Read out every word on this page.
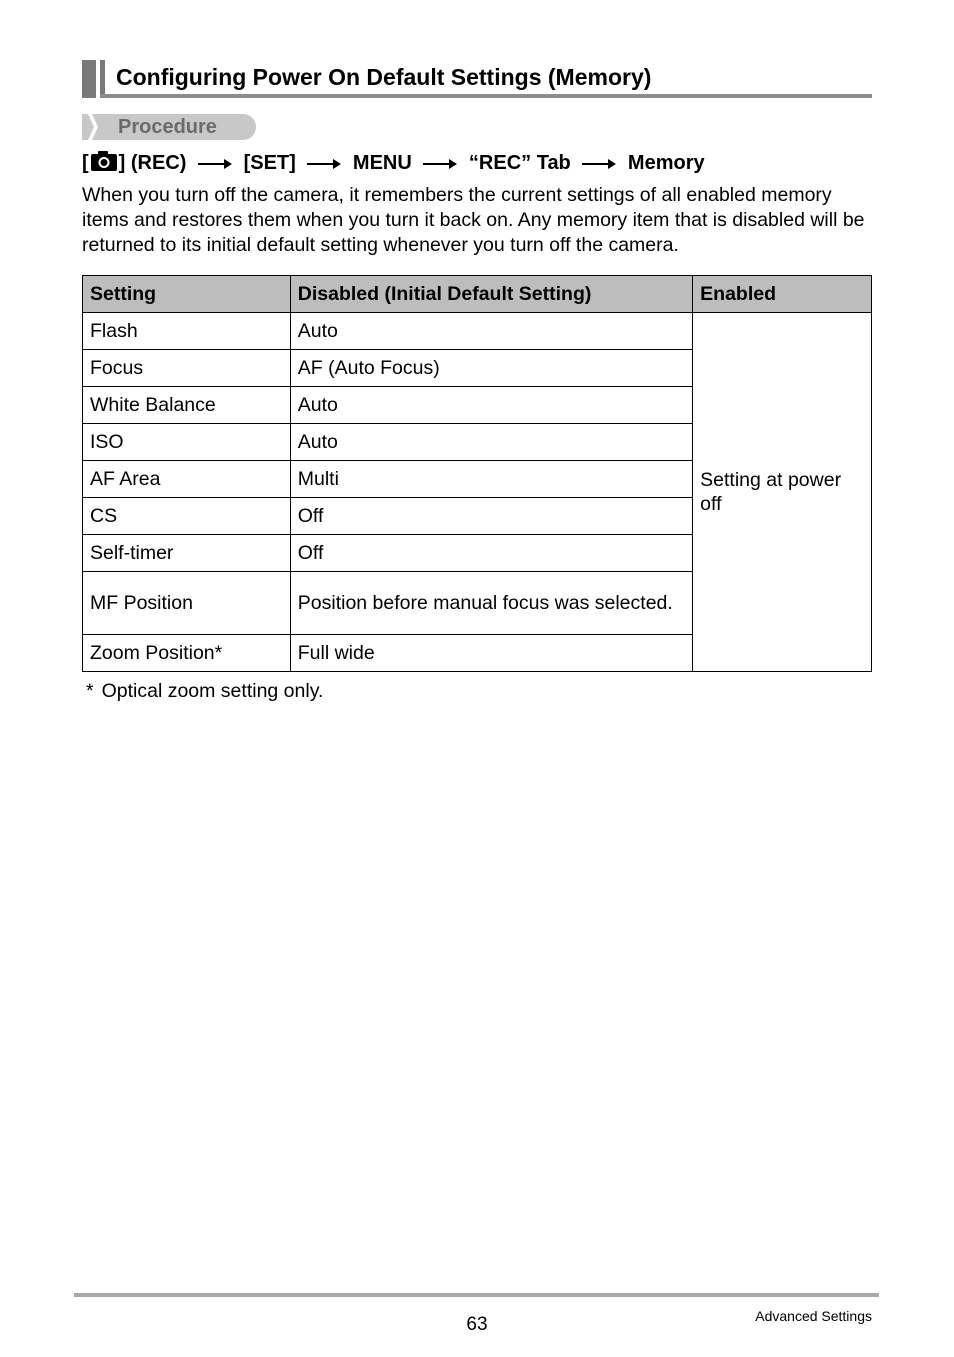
Configuring Power On Default Settings (Memory)
Procedure
[ ] (REC)	[SET]	MENU	“REC” Tab	Memory
When you turn off the camera, it remembers the current settings of all enabled memory items and restores them when you turn it back on. Any memory item that is disabled will be returned to its initial default setting whenever you turn off the camera.
Setting	Disabled (Initial Default Setting)	Enabled
Flash	Auto	Setting at power off
Focus	AF (Auto Focus)	
White Balance	Auto	
ISO	Auto	
AF Area	Multi	
CS	Off	
Self-timer	Off	
MF Position	Position before manual focus was selected.	
Zoom Position*	Full wide	
* Optical zoom setting only.
63	Advanced Settings
